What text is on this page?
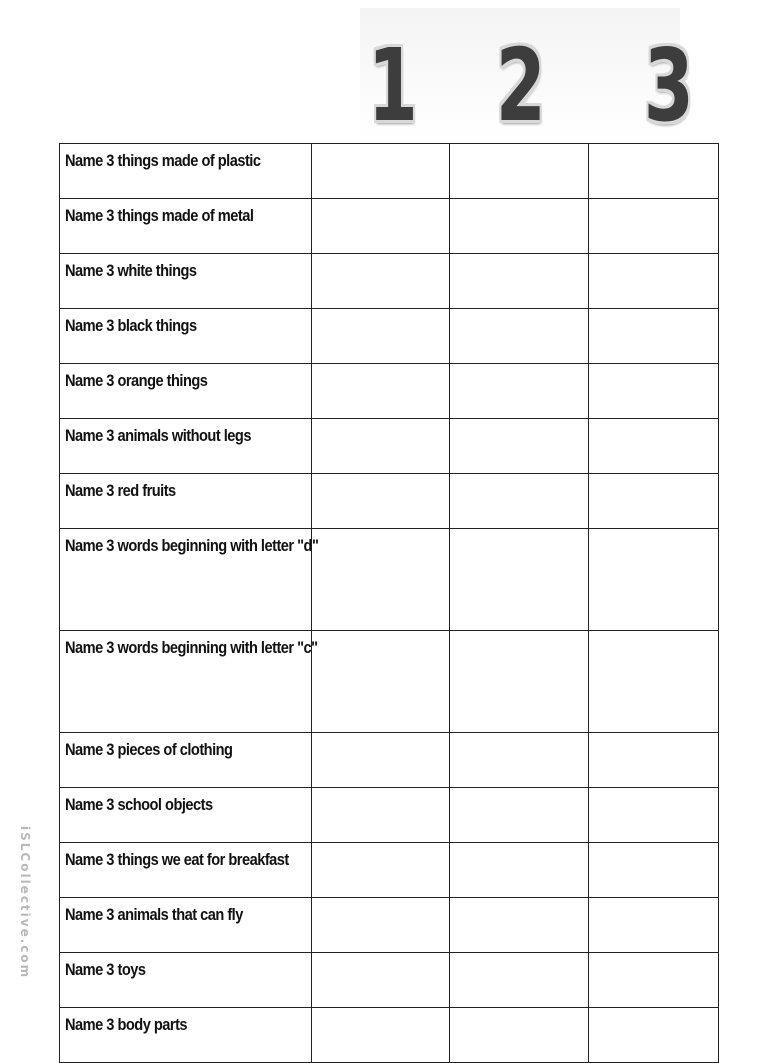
1 2 3
Name 3 things made of plastic			
Name 3 things made of metal			
Name 3 white things			
Name 3 black things			
Name 3 orange things			
Name 3 animals without legs			
Name 3 red fruits			
Name 3 words beginning with letter "d"			
Name 3 words beginning with letter "c"			
Name 3 pieces of clothing			
Name 3 school objects			
Name 3 things we eat for breakfast			
Name 3 animals that can fly			
Name 3 toys			
Name 3 body parts			
iSLCollective.com
